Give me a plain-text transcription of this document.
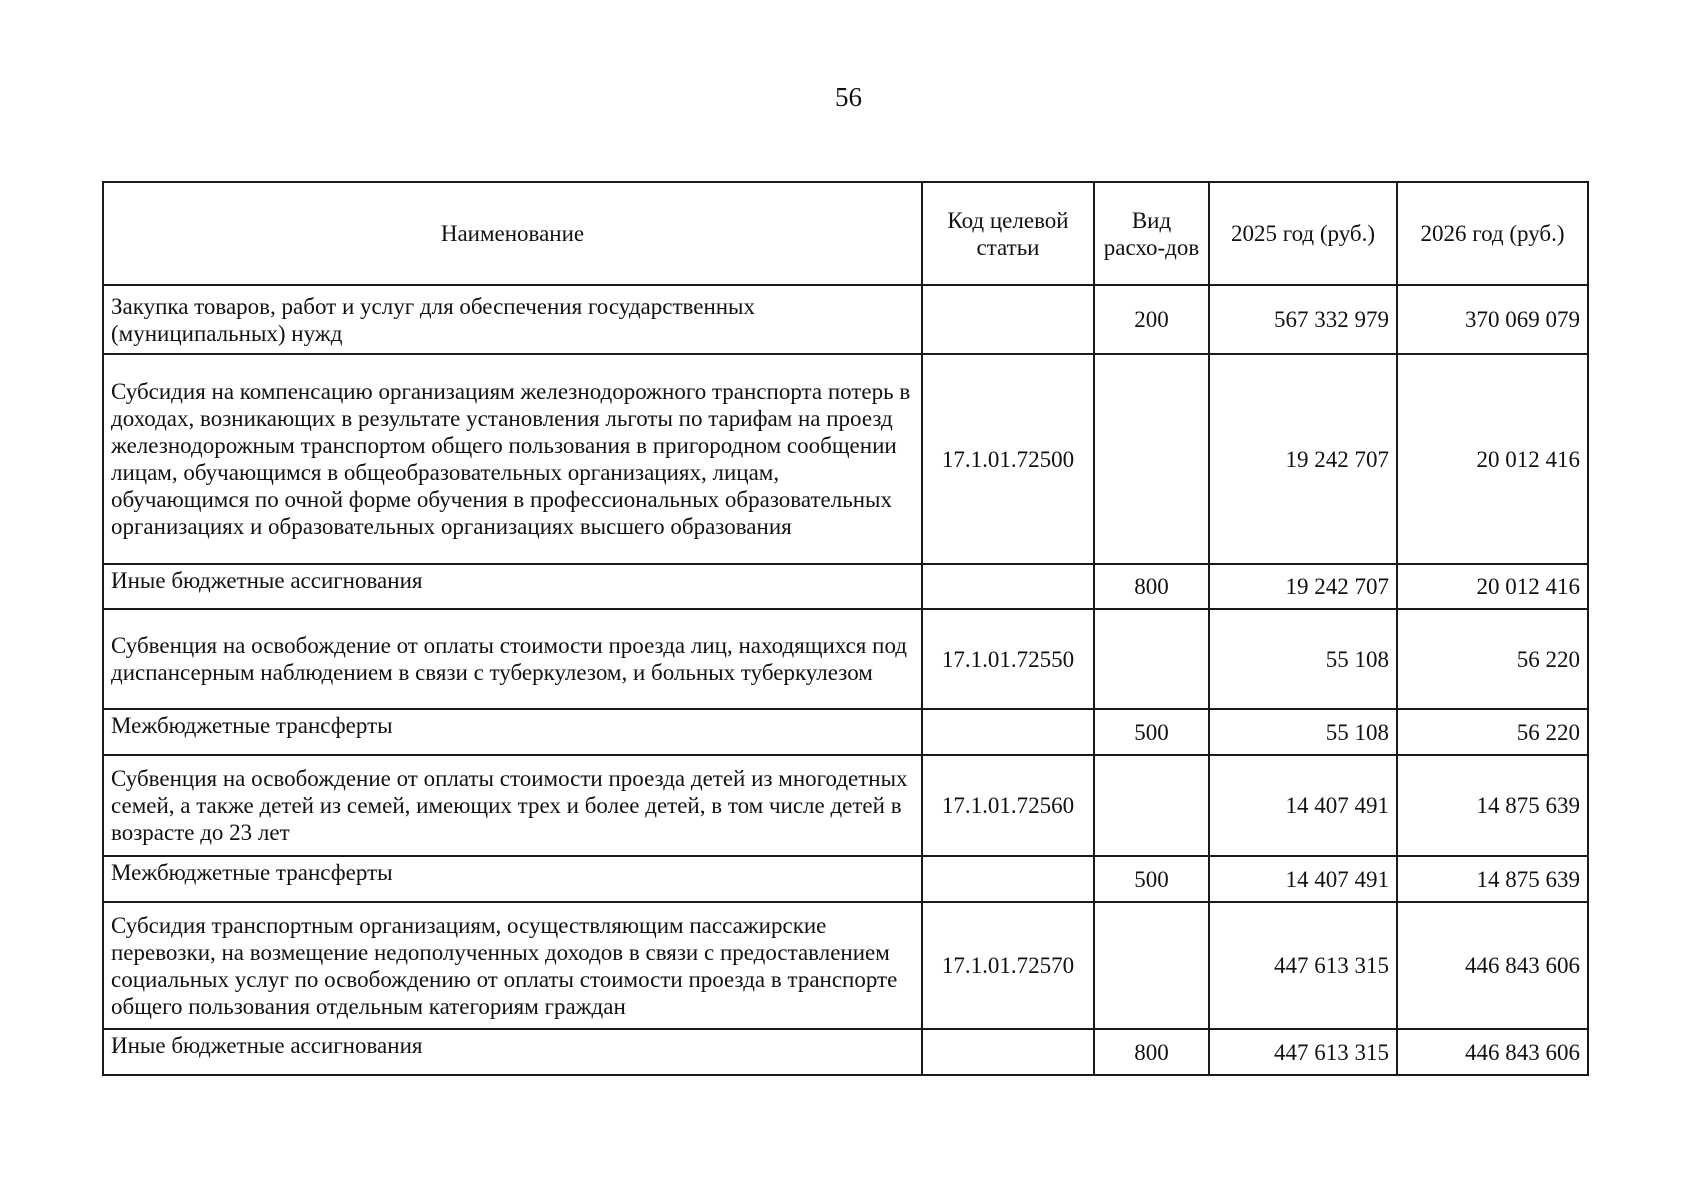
56
Наименование	Код целевой статьи	Вид расхо-дов	2025 год (руб.)	2026 год (руб.)
Закупка товаров, работ и услуг для обеспечения государственных (муниципальных) нужд		200	567 332 979	370 069 079
Субсидия на компенсацию организациям железнодорожного транспорта потерь в доходах, возникающих в результате установления льготы по тарифам на проезд железнодорожным транспортом общего пользования в пригородном сообщении лицам, обучающимся в общеобразовательных организациях, лицам, обучающимся по очной форме обучения в профессиональных образовательных организациях и образовательных организациях высшего образования	17.1.01.72500		19 242 707	20 012 416
Иные бюджетные ассигнования		800	19 242 707	20 012 416
Субвенция на освобождение от оплаты стоимости проезда лиц, находящихся под диспансерным наблюдением в связи с туберкулезом, и больных туберкулезом	17.1.01.72550		55 108	56 220
Межбюджетные трансферты		500	55 108	56 220
Субвенция на освобождение от оплаты стоимости проезда детей из многодетных семей, а также детей из семей, имеющих трех и более детей, в том числе детей в возрасте до 23 лет	17.1.01.72560		14 407 491	14 875 639
Межбюджетные трансферты		500	14 407 491	14 875 639
Субсидия транспортным организациям, осуществляющим пассажирские перевозки, на возмещение недополученных доходов в связи с предоставлением социальных услуг по освобождению от оплаты стоимости проезда в транспорте общего пользования отдельным категориям граждан	17.1.01.72570		447 613 315	446 843 606
Иные бюджетные ассигнования		800	447 613 315	446 843 606
